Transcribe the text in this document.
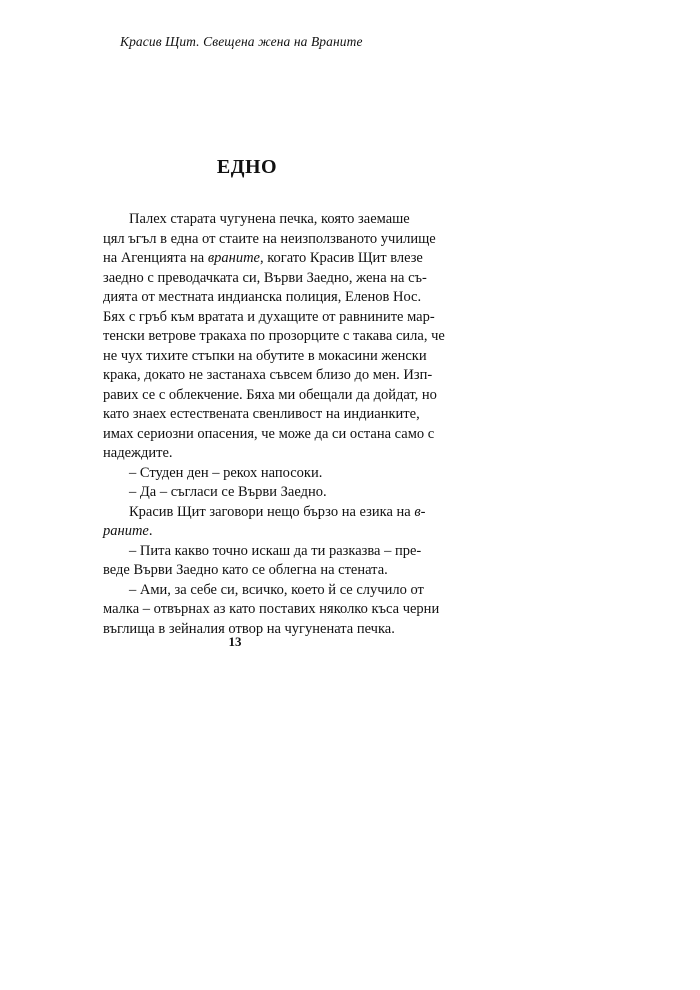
Красив Щит. Свещена жена на Враните
ЕДНО
Палех старата чугунена печка, която заемаше
цял ъгъл в една от стаите на неизползваното училище
на Агенцията на враните, когато Красив Щит влезе
заедно с преводачката си, Върви Заедно, жена на съ-
дията от местната индианска полиция, Еленов Нос.
Бях с гръб към вратата и духащите от равнините мар-
тенски ветрове тракаха по прозорците с такава сила, че
не чух тихите стъпки на обутите в мокасини женски
крака, докато не застанаха съвсем близо до мен. Изп-
равих се с облекчение. Бяха ми обещали да дойдат, но
като знаех естествената свенливост на индианките,
имах сериозни опасения, че може да си остана само с
надеждите.
– Студен ден – рекох напосоки.
– Да – съгласи се Върви Заедно.
Красив Щит заговори нещо бързо на езика на в-
раните.
– Пита какво точно искаш да ти разказва – пре-
веде Върви Заедно като се облегна на стената.
– Ами, за себе си, всичко, което й се случило от
малка – отвърнах аз като поставих няколко къса черни
въглища в зейналия отвор на чугунената печка.
13
